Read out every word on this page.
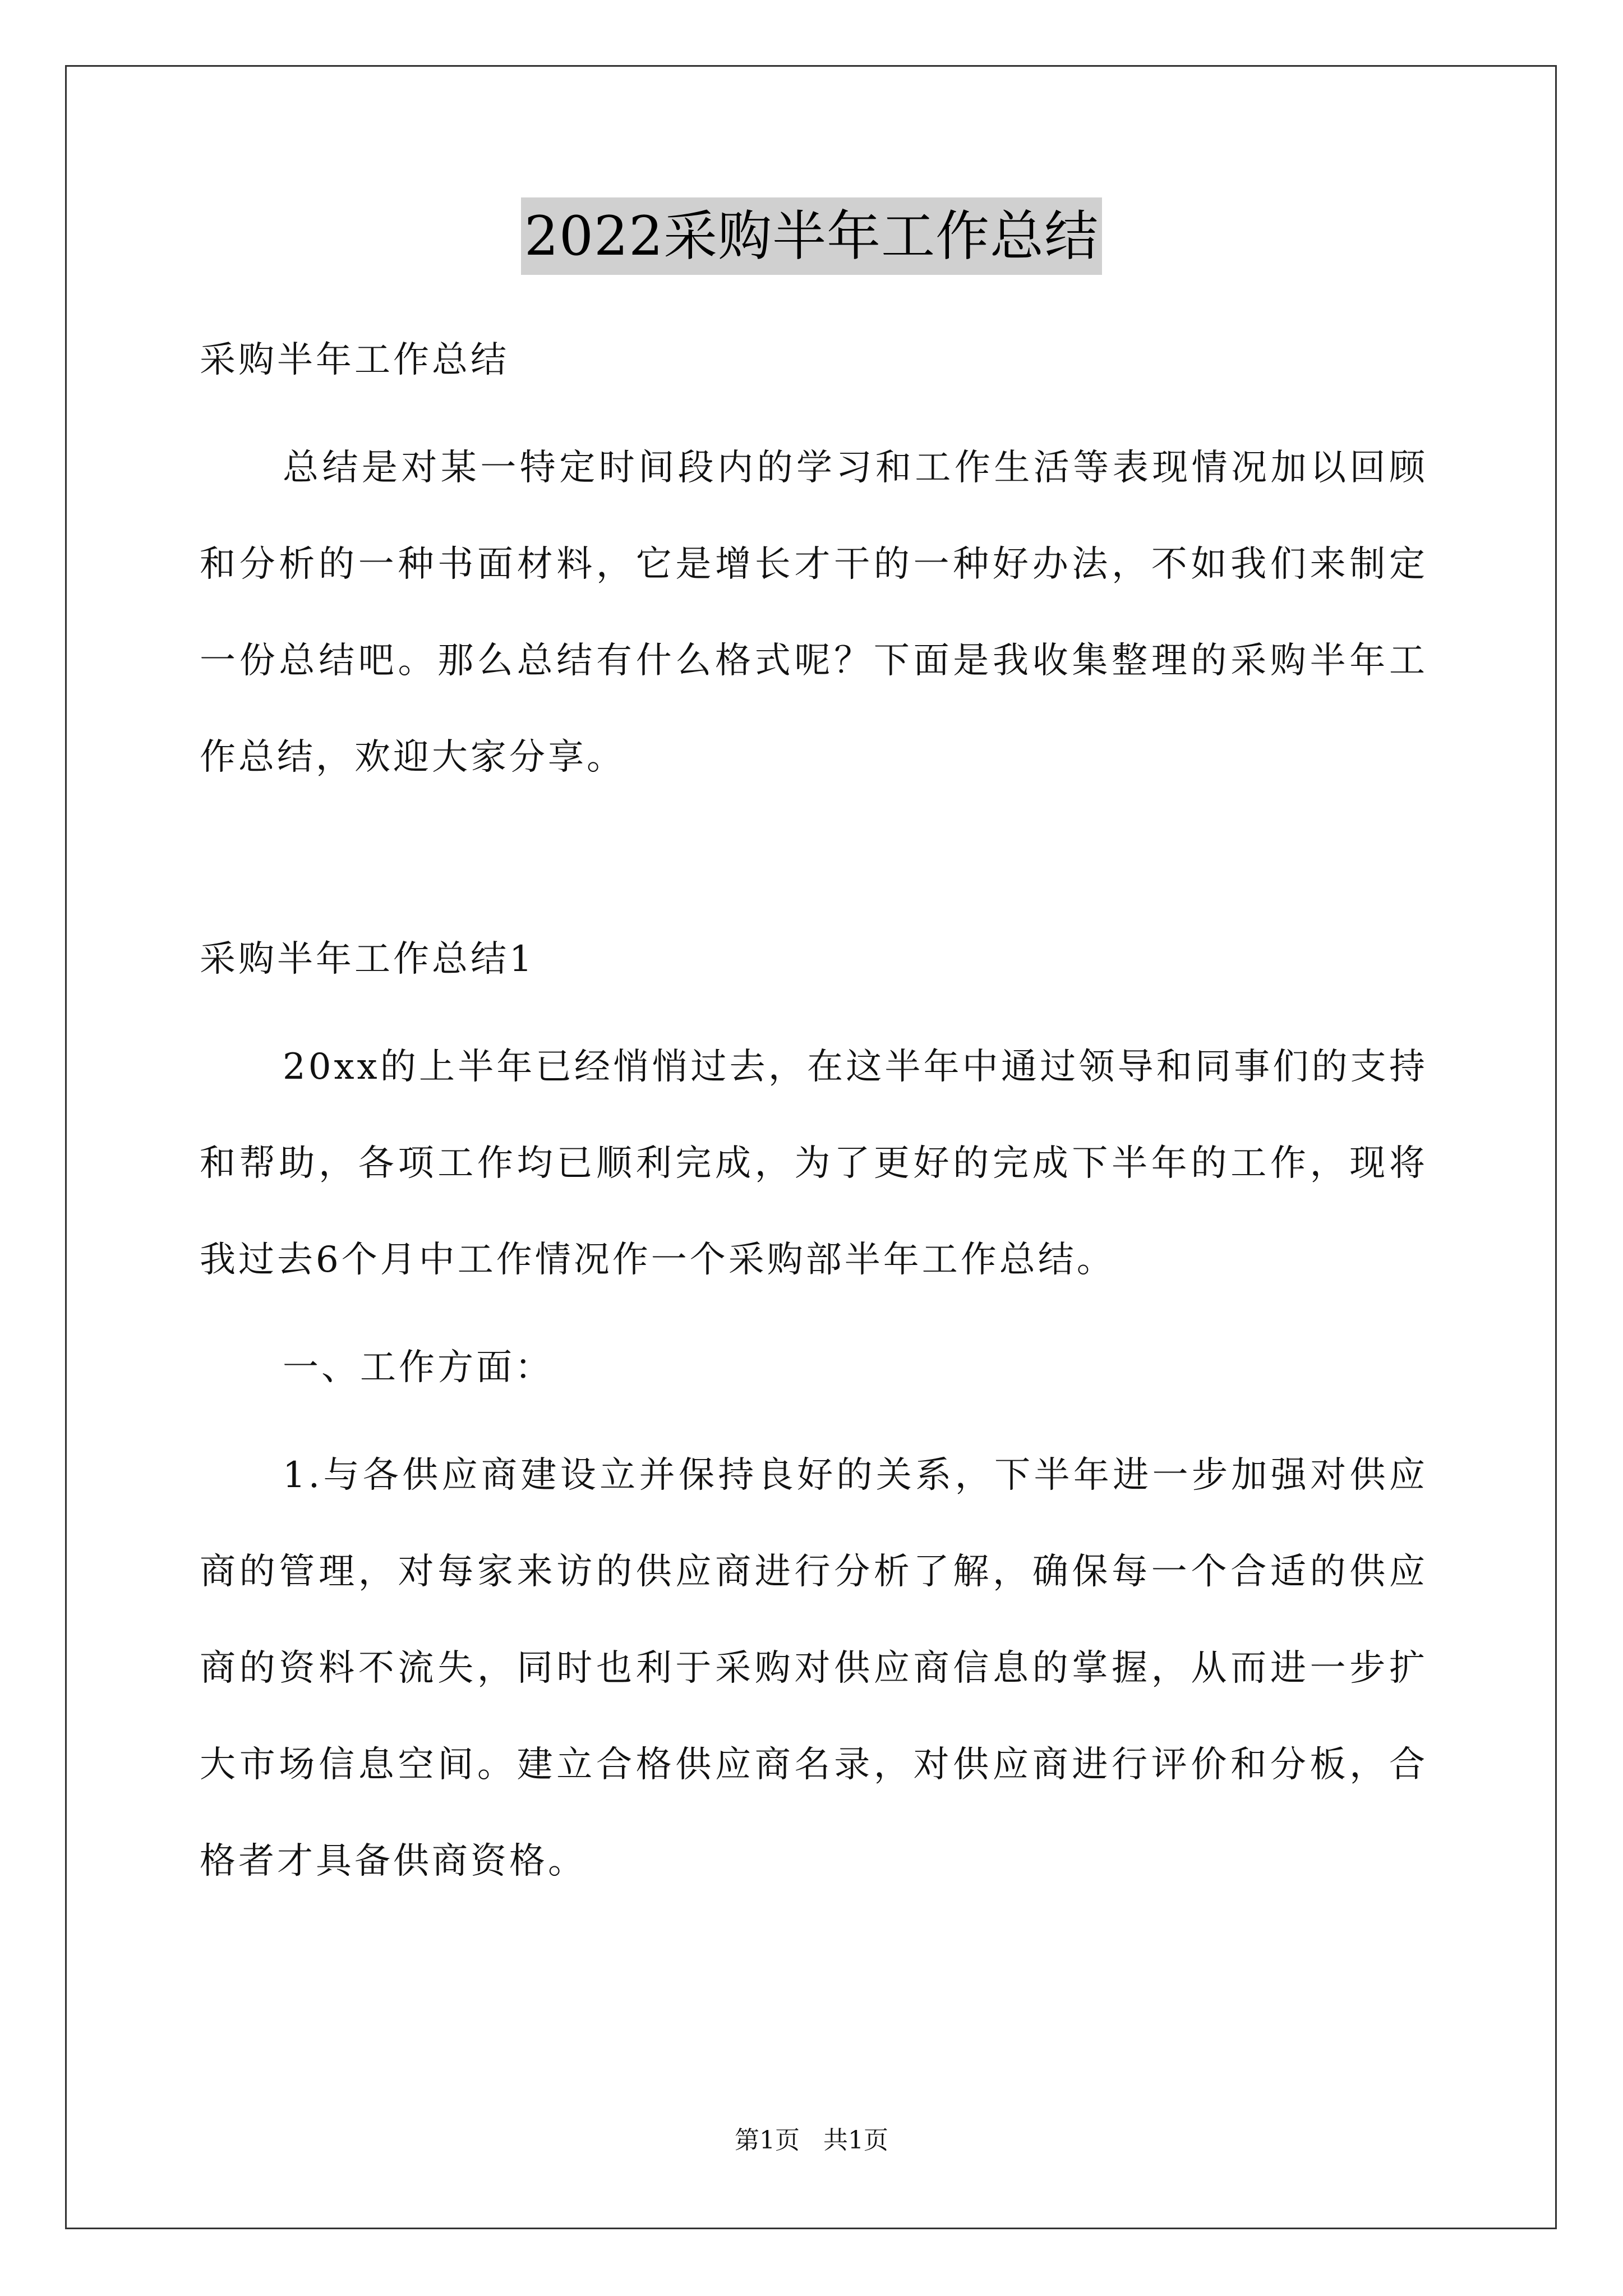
2022采购半年工作总结

采购半年工作总结

总结是对某一特定时间段内的学习和工作生活等表现情况加以回顾和分析的一种书面材料，它是增长才干的一种好办法，不如我们来制定一份总结吧。那么总结有什么格式呢？下面是我收集整理的采购半年工作总结，欢迎大家分享。

采购半年工作总结1

20xx的上半年已经悄悄过去，在这半年中通过领导和同事们的支持和帮助，各项工作均已顺利完成，为了更好的完成下半年的工作，现将我过去6个月中工作情况作一个采购部半年工作总结。

一、工作方面：

1.与各供应商建设立并保持良好的关系，下半年进一步加强对供应商的管理，对每家来访的供应商进行分析了解，确保每一个合适的供应商的资料不流失，同时也利于采购对供应商信息的掌握，从而进一步扩大市场信息空间。建立合格供应商名录，对供应商进行评价和分板，合格者才具备供商资格。

第1页 共1页
